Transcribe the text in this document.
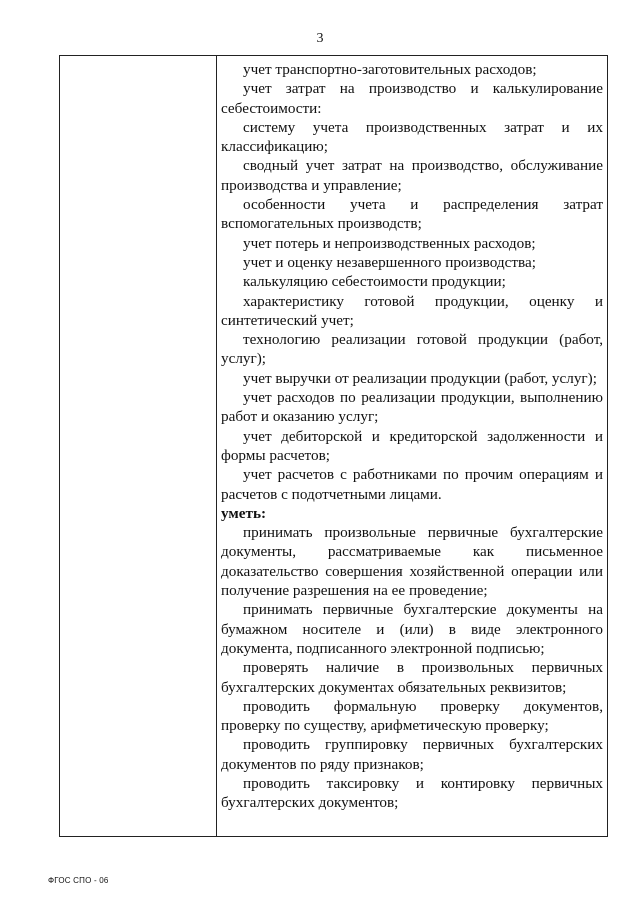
3

учет транспортно-заготовительных расходов;

учет затрат на производство и калькулирование себестоимости:

систему учета производственных затрат и их классификацию;

сводный учет затрат на производство, обслуживание производства и управление;

особенности учета и распределения затрат вспомогательных производств;

учет потерь и непроизводственных расходов;

учет и оценку незавершенного производства;

калькуляцию себестоимости продукции;

характеристику готовой продукции, оценку и синтетический учет;

технологию реализации готовой продукции (работ, услуг);

учет выручки от реализации продукции (работ, услуг);

учет расходов по реализации продукции, выполнению работ и оказанию услуг;

учет дебиторской и кредиторской задолженности и формы расчетов;

учет расчетов с работниками по прочим операциям и расчетов с подотчетными лицами.

уметь:

принимать произвольные первичные бухгалтерские документы, рассматриваемые как письменное доказательство совершения хозяйственной операции или получение разрешения на ее проведение;

принимать первичные бухгалтерские документы на бумажном носителе и (или) в виде электронного документа, подписанного электронной подписью;

проверять наличие в произвольных первичных бухгалтерских документах обязательных реквизитов;

проводить формальную проверку документов, проверку по существу, арифметическую проверку;

проводить группировку первичных бухгалтерских документов по ряду признаков;

проводить таксировку и контировку первичных бухгалтерских документов;

ФГОС СПО - 06
